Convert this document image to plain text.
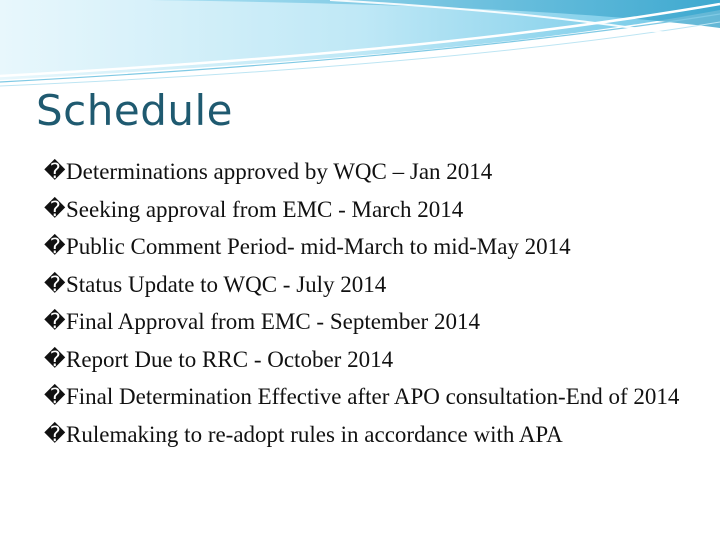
Schedule
� Determinations approved by WQC – Jan 2014
� Seeking approval from EMC - March 2014
� Public Comment Period- mid-March to mid-May 2014
� Status Update to WQC - July 2014
� Final Approval from EMC - September 2014
� Report Due to RRC - October 2014
� Final Determination Effective after APO consultation-End of 2014
� Rulemaking to re-adopt rules in accordance with APA
